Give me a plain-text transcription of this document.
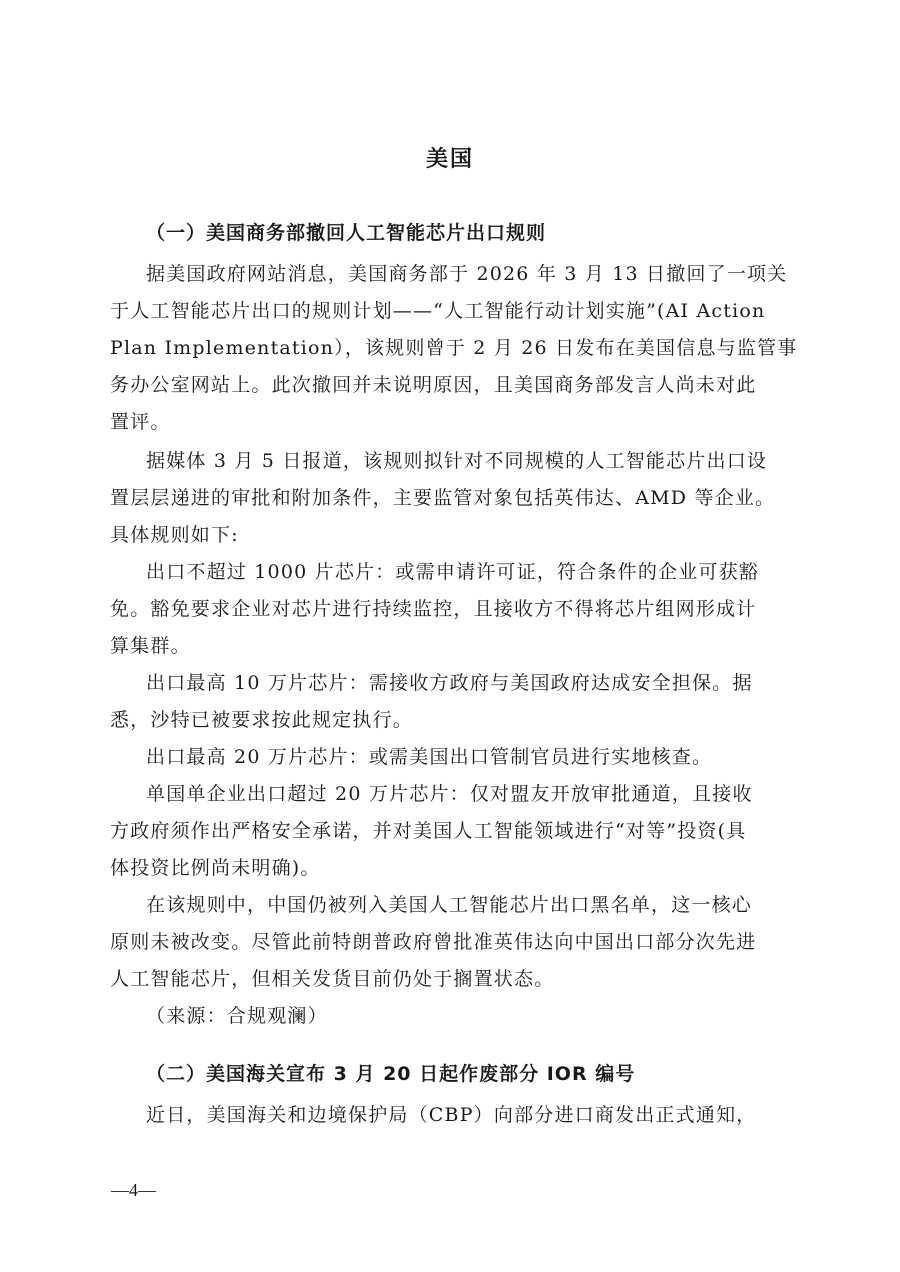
美国
（一）美国商务部撤回人工智能芯片出口规则
据美国政府网站消息，美国商务部于 2026 年 3 月 13 日撤回了一项关
于人工智能芯片出口的规则计划——“人工智能行动计划实施”(AI Action
Plan Implementation），该规则曾于 2 月 26 日发布在美国信息与监管事
务办公室网站上。此次撤回并未说明原因，且美国商务部发言人尚未对此
置评。
据媒体 3 月 5 日报道，该规则拟针对不同规模的人工智能芯片出口设
置层层递进的审批和附加条件，主要监管对象包括英伟达、AMD 等企业。
具体规则如下:
出口不超过 1000 片芯片：或需申请许可证，符合条件的企业可获豁
免。豁免要求企业对芯片进行持续监控，且接收方不得将芯片组网形成计
算集群。
出口最高 10 万片芯片：需接收方政府与美国政府达成安全担保。据
悉，沙特已被要求按此规定执行。
出口最高 20 万片芯片：或需美国出口管制官员进行实地核查。
单国单企业出口超过 20 万片芯片：仅对盟友开放审批通道，且接收
方政府须作出严格安全承诺，并对美国人工智能领域进行“对等”投资(具
体投资比例尚未明确)。
在该规则中，中国仍被列入美国人工智能芯片出口黑名单，这一核心
原则未被改变。尽管此前特朗普政府曾批准英伟达向中国出口部分次先进
人工智能芯片，但相关发货目前仍处于搁置状态。
（来源：合规观澜）
（二）美国海关宣布 3 月 20 日起作废部分 IOR 编号
近日，美国海关和边境保护局（CBP）向部分进口商发出正式通知，
—4—
